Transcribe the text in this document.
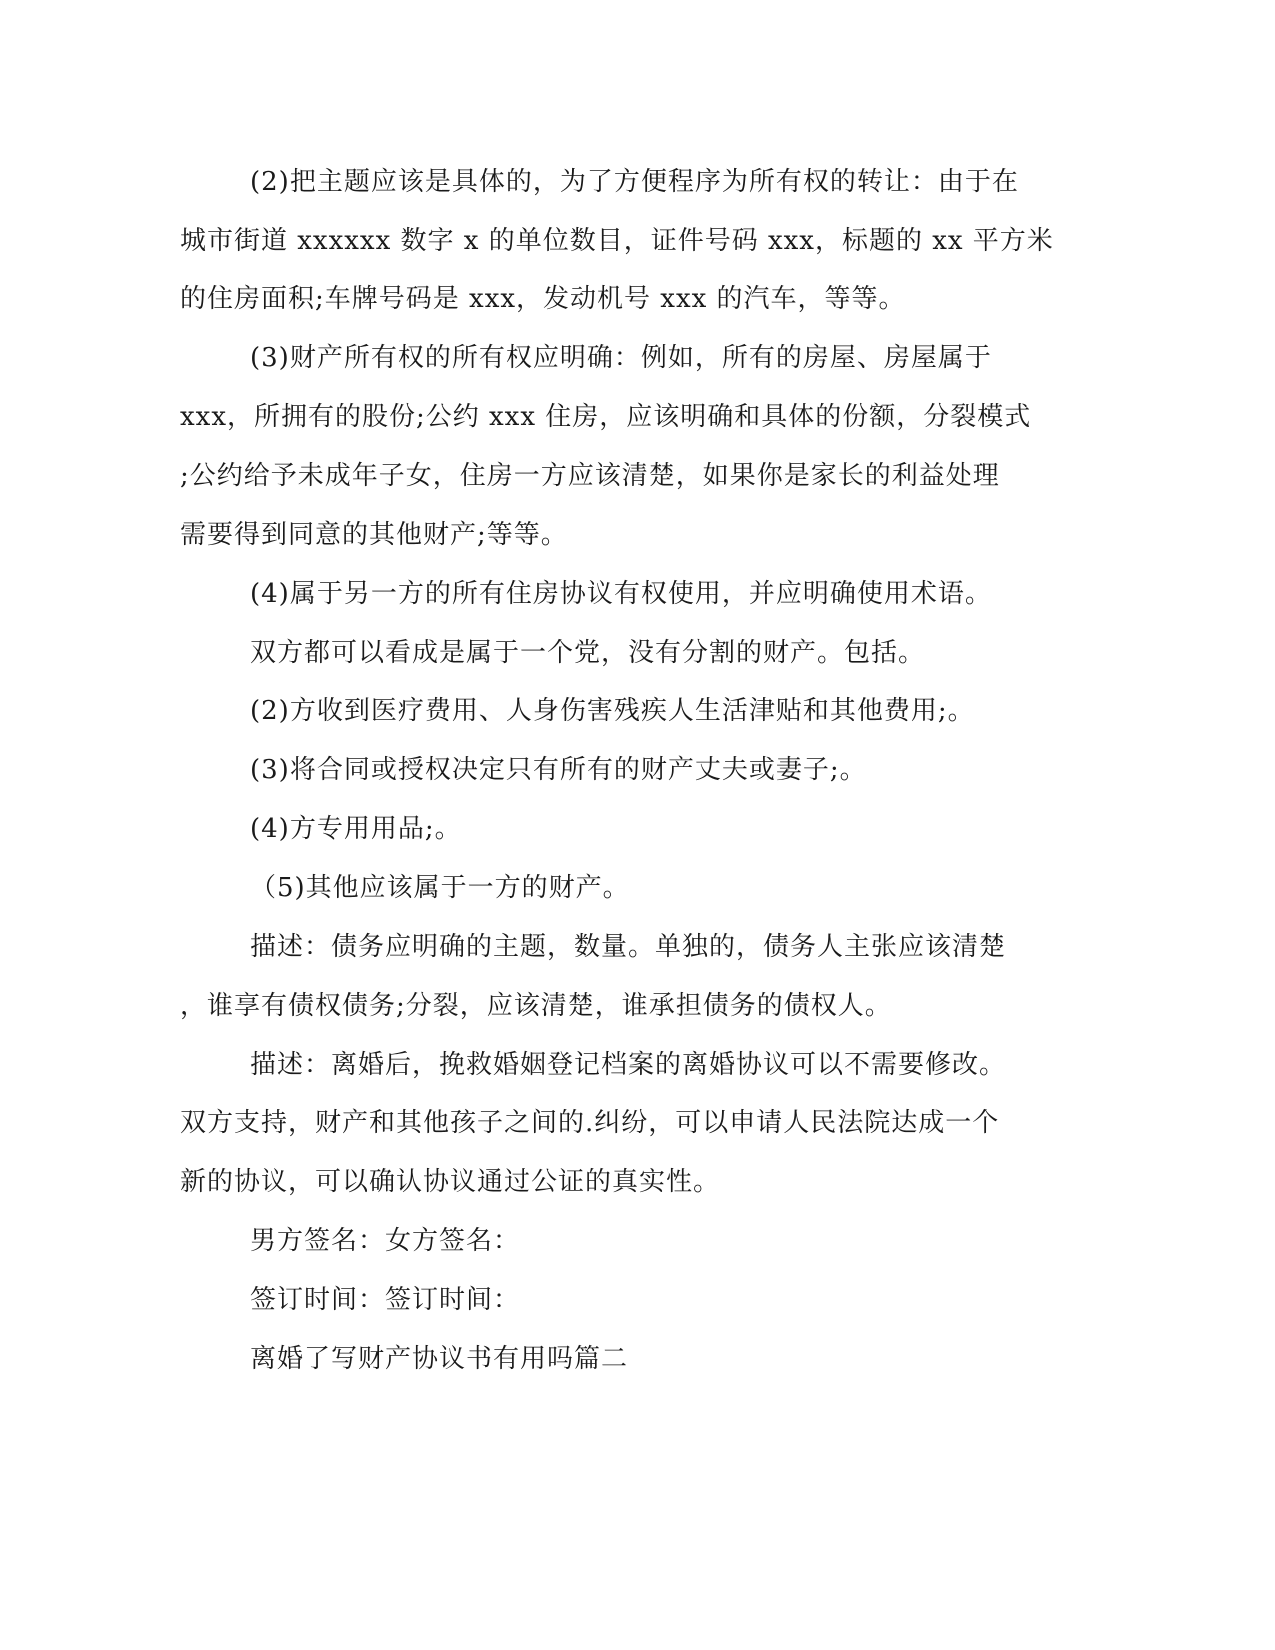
(2)把主题应该是具体的，为了方便程序为所有权的转让：由于在
城市街道 xxxxxx 数字 x 的单位数目，证件号码 xxx，标题的 xx 平方米
的住房面积;车牌号码是 xxx，发动机号 xxx 的汽车，等等。
(3)财产所有权的所有权应明确：例如，所有的房屋、房屋属于
xxx，所拥有的股份;公约 xxx 住房，应该明确和具体的份额，分裂模式
;公约给予未成年子女，住房一方应该清楚，如果你是家长的利益处理
需要得到同意的其他财产;等等。
(4)属于另一方的所有住房协议有权使用，并应明确使用术语。
双方都可以看成是属于一个党，没有分割的财产。包括。
(2)方收到医疗费用、人身伤害残疾人生活津贴和其他费用;。
(3)将合同或授权决定只有所有的财产丈夫或妻子;。
(4)方专用用品;。
（5)其他应该属于一方的财产。
描述：债务应明确的主题，数量。单独的，债务人主张应该清楚
，谁享有债权债务;分裂，应该清楚，谁承担债务的债权人。
描述：离婚后，挽救婚姻登记档案的离婚协议可以不需要修改。
双方支持，财产和其他孩子之间的.纠纷，可以申请人民法院达成一个
新的协议，可以确认协议通过公证的真实性。
男方签名：女方签名：
签订时间：签订时间：
离婚了写财产协议书有用吗篇二
